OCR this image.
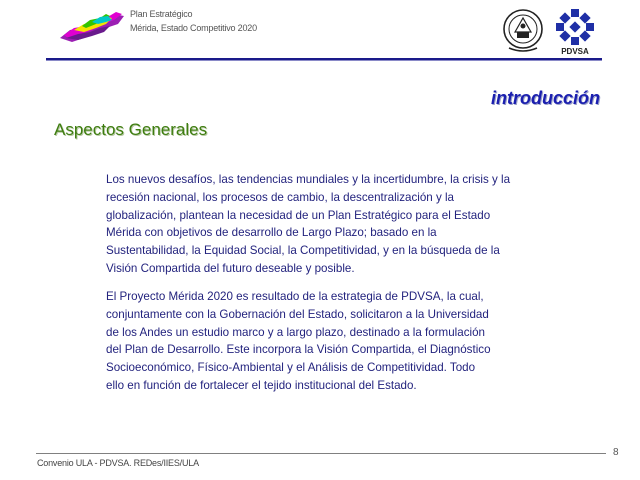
Plan Estratégico
Mérida, Estado Competitivo 2020
PDVSA
introducción
Aspectos Generales
Los nuevos desafíos, las tendencias mundiales y la incertidumbre, la crisis y la
recesión nacional, los procesos de cambio, la descentralización y la
globalización, plantean la necesidad de un Plan Estratégico para el Estado
Mérida con objetivos de desarrollo de Largo Plazo; basado en la
Sustentabilidad, la Equidad Social, la Competitividad, y en la búsqueda de la
Visión Compartida del futuro deseable y posible.
El Proyecto Mérida 2020 es resultado de la estrategia de PDVSA, la cual,
conjuntamente con la Gobernación del Estado, solicitaron a la Universidad
de los Andes un estudio marco y a largo plazo, destinado a la formulación
del Plan de Desarrollo. Este incorpora la Visión Compartida, el Diagnóstico
Socioeconómico, Físico-Ambiental y el Análisis de Competitividad. Todo
ello en función de fortalecer el tejido institucional del Estado.
Convenio ULA - PDVSA. REDes/IIES/ULA
8
